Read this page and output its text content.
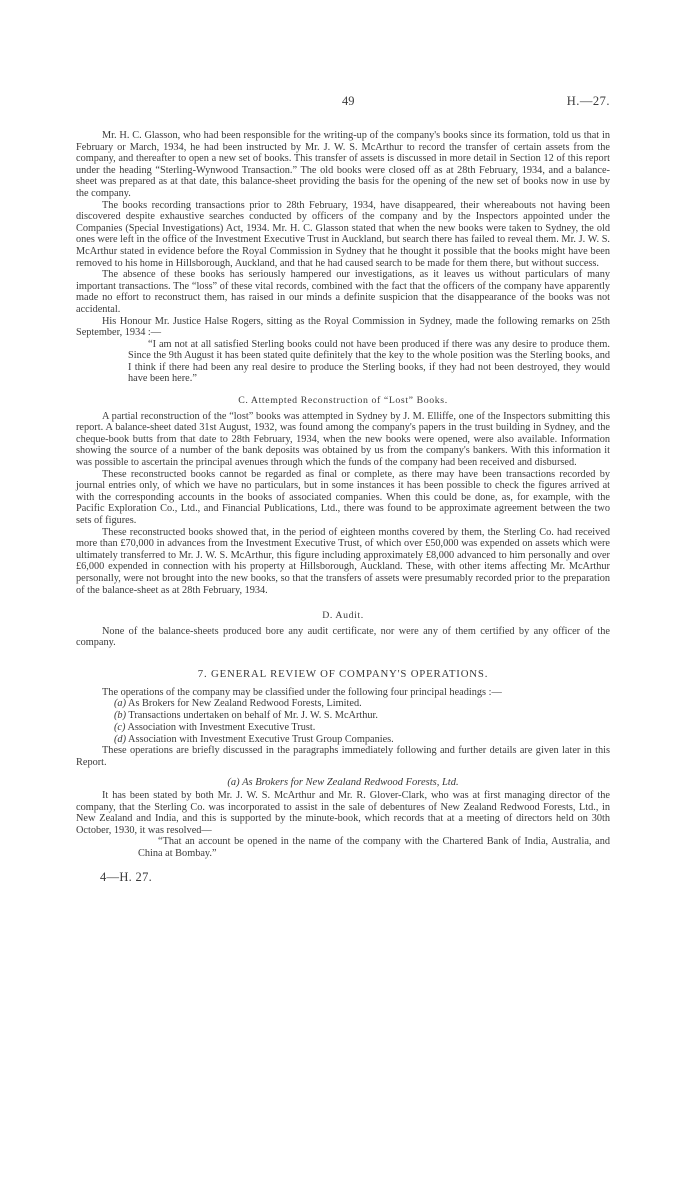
49	H.—27.

Mr. H. C. Glasson, who had been responsible for the writing-up of the company's books since its formation, told us that in February or March, 1934, he had been instructed by Mr. J. W. S. McArthur to record the transfer of certain assets from the company, and thereafter to open a new set of books. This transfer of assets is discussed in more detail in Section 12 of this report under the heading “Sterling-Wynwood Transaction.” The old books were closed off as at 28th February, 1934, and a balance-sheet was prepared as at that date, this balance-sheet providing the basis for the opening of the new set of books now in use by the company.

The books recording transactions prior to 28th February, 1934, have disappeared, their whereabouts not having been discovered despite exhaustive searches conducted by officers of the company and by the Inspectors appointed under the Companies (Special Investigations) Act, 1934. Mr. H. C. Glasson stated that when the new books were taken to Sydney, the old ones were left in the office of the Investment Executive Trust in Auckland, but search there has failed to reveal them. Mr. J. W. S. McArthur stated in evidence before the Royal Commission in Sydney that he thought it possible that the books might have been removed to his home in Hillsborough, Auckland, and that he had caused search to be made for them there, but without success.

The absence of these books has seriously hampered our investigations, as it leaves us without particulars of many important transactions. The “loss” of these vital records, combined with the fact that the officers of the company have apparently made no effort to reconstruct them, has raised in our minds a definite suspicion that the disappearance of the books was not accidental.

His Honour Mr. Justice Halse Rogers, sitting as the Royal Commission in Sydney, made the following remarks on 25th September, 1934 :—

“I am not at all satisfied Sterling books could not have been produced if there was any desire to produce them. Since the 9th August it has been stated quite definitely that the key to the whole position was the Sterling books, and I think if there had been any real desire to produce the Sterling books, if they had not been destroyed, they would have been here.”

C. Attempted Reconstruction of “Lost” Books.

A partial reconstruction of the “lost” books was attempted in Sydney by J. M. Elliffe, one of the Inspectors submitting this report. A balance-sheet dated 31st August, 1932, was found among the company's papers in the trust building in Sydney, and the cheque-book butts from that date to 28th February, 1934, when the new books were opened, were also available. Information showing the source of a number of the bank deposits was obtained by us from the company's bankers. With this information it was possible to ascertain the principal avenues through which the funds of the company had been received and disbursed.

These reconstructed books cannot be regarded as final or complete, as there may have been transactions recorded by journal entries only, of which we have no particulars, but in some instances it has been possible to check the figures arrived at with the corresponding accounts in the books of associated companies. When this could be done, as, for example, with the Pacific Exploration Co., Ltd., and Financial Publications, Ltd., there was found to be approximate agreement between the two sets of figures.

These reconstructed books showed that, in the period of eighteen months covered by them, the Sterling Co. had received more than £70,000 in advances from the Investment Executive Trust, of which over £50,000 was expended on assets which were ultimately transferred to Mr. J. W. S. McArthur, this figure including approximately £8,000 advanced to him personally and over £6,000 expended in connection with his property at Hillsborough, Auckland. These, with other items affecting Mr. McArthur personally, were not brought into the new books, so that the transfers of assets were presumably recorded prior to the preparation of the balance-sheet as at 28th February, 1934.

D. Audit.

None of the balance-sheets produced bore any audit certificate, nor were any of them certified by any officer of the company.

7. GENERAL REVIEW OF COMPANY'S OPERATIONS.

The operations of the company may be classified under the following four principal headings :—

(a) As Brokers for New Zealand Redwood Forests, Limited.
(b) Transactions undertaken on behalf of Mr. J. W. S. McArthur.
(c) Association with Investment Executive Trust.
(d) Association with Investment Executive Trust Group Companies.

These operations are briefly discussed in the paragraphs immediately following and further details are given later in this Report.

(a) As Brokers for New Zealand Redwood Forests, Ltd.

It has been stated by both Mr. J. W. S. McArthur and Mr. R. Glover-Clark, who was at first managing director of the company, that the Sterling Co. was incorporated to assist in the sale of debentures of New Zealand Redwood Forests, Ltd., in New Zealand and India, and this is supported by the minute-book, which records that at a meeting of directors held on 30th October, 1930, it was resolved—

“That an account be opened in the name of the company with the Chartered Bank of India, Australia, and China at Bombay.”

4—H. 27.
